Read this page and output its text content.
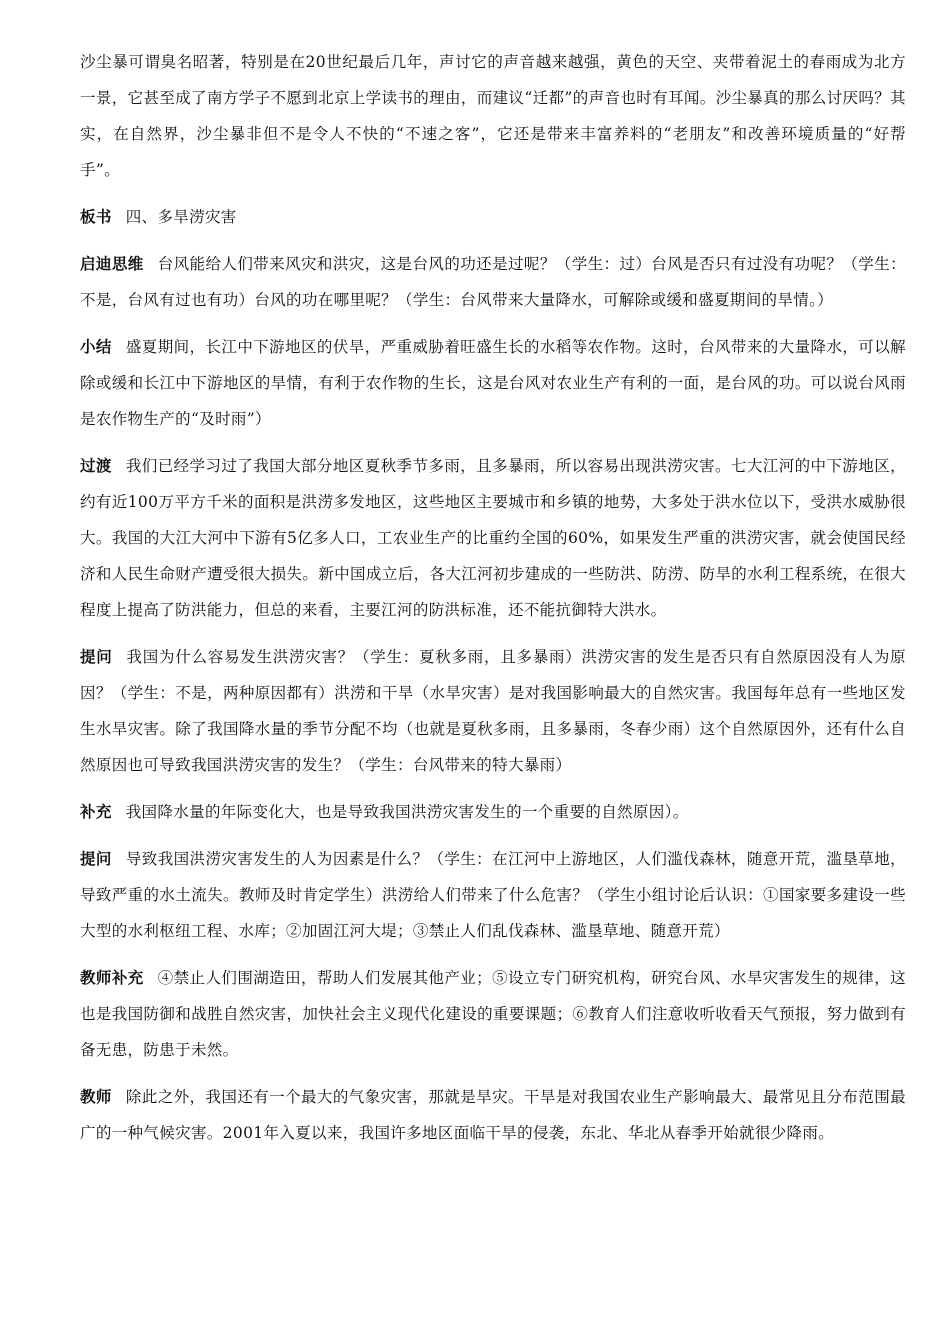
沙尘暴可谓臭名昭著，特别是在20世纪最后几年，声讨它的声音越来越强，黄色的天空、夹带着泥土的春雨成为北方一景，它甚至成了南方学子不愿到北京上学读书的理由，而建议“迁都”的声音也时有耳闻。沙尘暴真的那么讨厌吗？其实，在自然界，沙尘暴非但不是令人不快的“不速之客”，它还是带来丰富养料的“老朋友”和改善环境质量的“好帮手”。

板书 四、多旱涝灾害

启迪思维 台风能给人们带来风灾和洪灾，这是台风的功还是过呢？（学生：过）台风是否只有过没有功呢？（学生：不是，台风有过也有功）台风的功在哪里呢？（学生：台风带来大量降水，可解除或缓和盛夏期间的旱情。）

小结 盛夏期间，长江中下游地区的伏旱，严重威胁着旺盛生长的水稻等农作物。这时，台风带来的大量降水，可以解除或缓和长江中下游地区的旱情，有利于农作物的生长，这是台风对农业生产有利的一面，是台风的功。可以说台风雨是农作物生产的“及时雨”）

过渡 我们已经学习过了我国大部分地区夏秋季节多雨，且多暴雨，所以容易出现洪涝灾害。七大江河的中下游地区，约有近100万平方千米的面积是洪涝多发地区，这些地区主要城市和乡镇的地势，大多处于洪水位以下，受洪水威胁很大。我国的大江大河中下游有5亿多人口，工农业生产的比重约全国的60%，如果发生严重的洪涝灾害，就会使国民经济和人民生命财产遭受很大损失。新中国成立后，各大江河初步建成的一些防洪、防涝、防旱的水利工程系统，在很大程度上提高了防洪能力，但总的来看，主要江河的防洪标准，还不能抗御特大洪水。

提问 我国为什么容易发生洪涝灾害？（学生：夏秋多雨，且多暴雨）洪涝灾害的发生是否只有自然原因没有人为原因？（学生：不是，两种原因都有）洪涝和干旱（水旱灾害）是对我国影响最大的自然灾害。我国每年总有一些地区发生水旱灾害。除了我国降水量的季节分配不均（也就是夏秋多雨，且多暴雨，冬春少雨）这个自然原因外，还有什么自然原因也可导致我国洪涝灾害的发生？（学生：台风带来的特大暴雨）

补充 我国降水量的年际变化大，也是导致我国洪涝灾害发生的一个重要的自然原因）。

提问 导致我国洪涝灾害发生的人为因素是什么？（学生：在江河中上游地区，人们滥伐森林，随意开荒，滥垦草地，导致严重的水土流失。教师及时肯定学生）洪涝给人们带来了什么危害？（学生小组讨论后认识：①国家要多建设一些大型的水利枢纽工程、水库；②加固江河大堤；③禁止人们乱伐森林、滥垦草地、随意开荒）

教师补充 ④禁止人们围湖造田，帮助人们发展其他产业；⑤设立专门研究机构，研究台风、水旱灾害发生的规律，这也是我国防御和战胜自然灾害，加快社会主义现代化建设的重要课题；⑥教育人们注意收听收看天气预报，努力做到有备无患，防患于未然。

教师 除此之外，我国还有一个最大的气象灾害，那就是旱灾。干旱是对我国农业生产影响最大、最常见且分布范围最广的一种气候灾害。2001年入夏以来，我国许多地区面临干旱的侵袭，东北、华北从春季开始就很少降雨。
